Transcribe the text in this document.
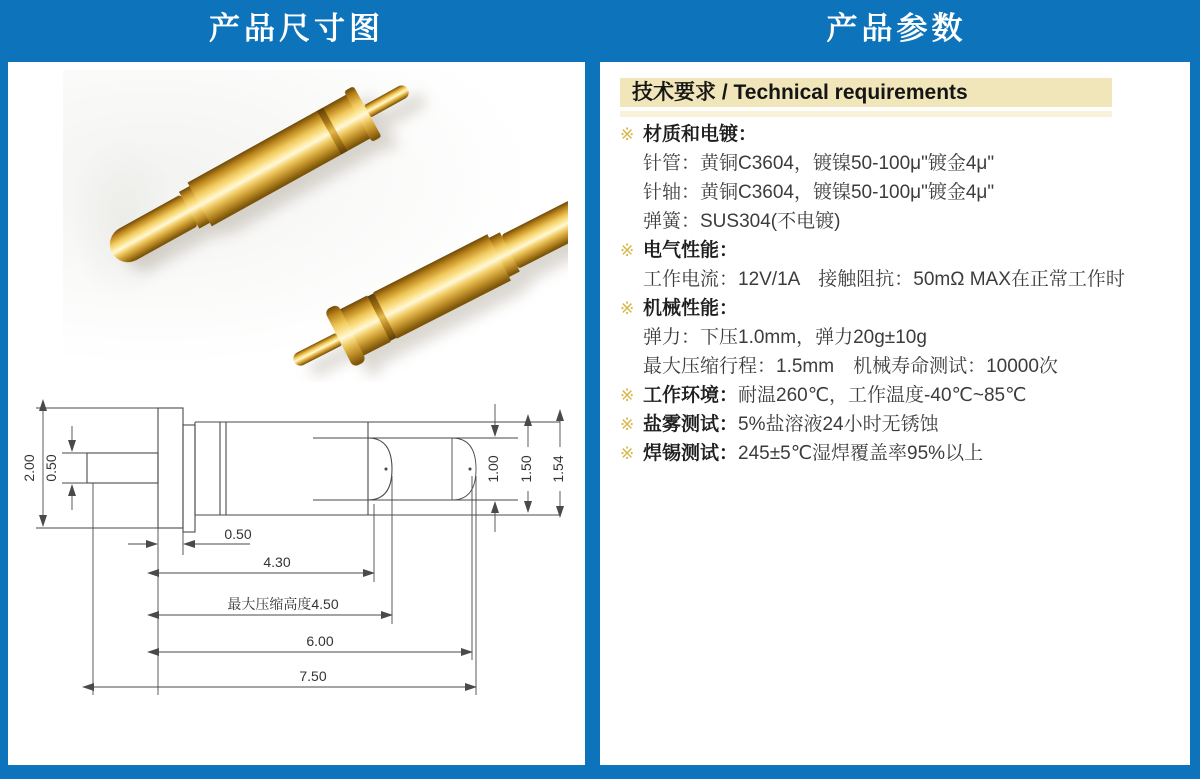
产品尺寸图	产品参数
2.00 0.50	1.00 1.50 1.54
0.50
4.30
最大压缩高度4.50
6.00
7.50
技术要求 / Technical requirements
※ 材质和电镀：
针管：黄铜C3604，镀镍50-100μ"镀金4μ"
针轴：黄铜C3604，镀镍50-100μ"镀金4μ"
弹簧：SUS304(不电镀)
※ 电气性能：
工作电流：12V/1A　接触阻抗：50mΩ MAX在正常工作时
※ 机械性能：
弹力：下压1.0mm，弹力20g±10g
最大压缩行程：1.5mm　机械寿命测试：10000次
※ 工作环境： 耐温260℃，工作温度-40℃~85℃
※ 盐雾测试： 5%盐溶液24小时无锈蚀
※ 焊锡测试： 245±5℃湿焊覆盖率95%以上
